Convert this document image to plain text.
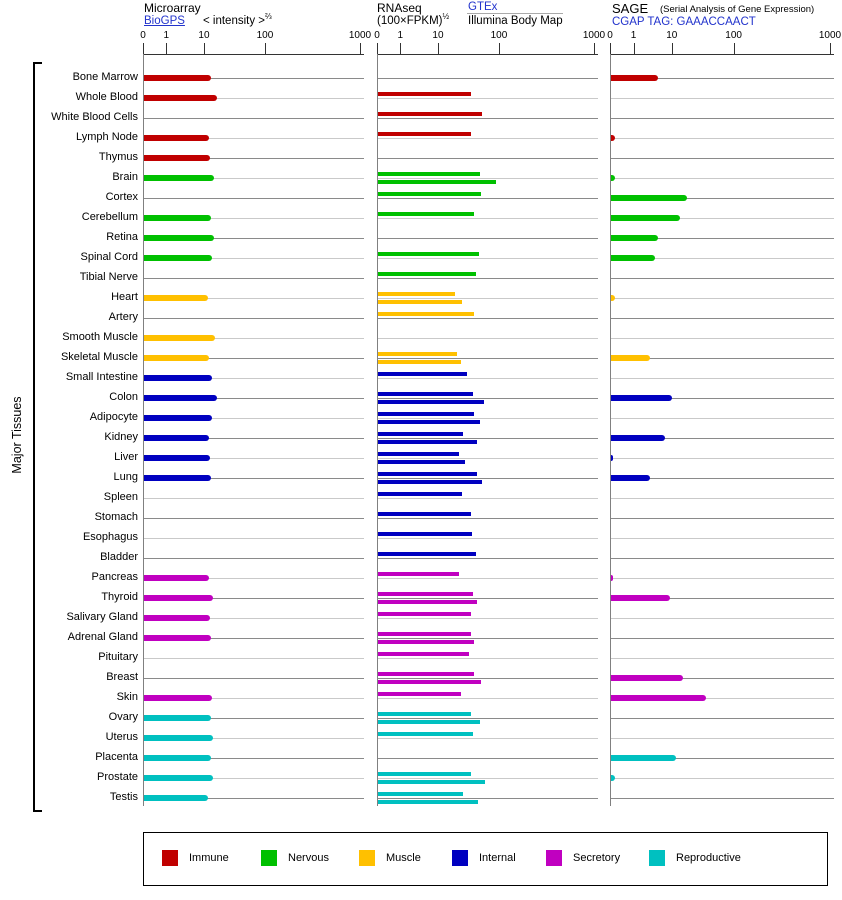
Microarray
BioGPS < intensity >$^{\frac{2}{3}}$
RNAseq
(100×FPKM)$^{\frac{1}{2}}$
GTEx
Illumina Body Map
SAGE (Serial Analysis of Gene Expression)
CGAP TAG: GAAACCAACT
Major Tissues
Bone Marrow
Whole Blood
White Blood Cells
Lymph Node
Thymus
Brain
Cortex
Cerebellum
Retina
Spinal Cord
Tibial Nerve
Heart
Artery
Smooth Muscle
Skeletal Muscle
Small Intestine
Colon
Adipocyte
Kidney
Liver
Lung
Spleen
Stomach
Esophagus
Bladder
Pancreas
Thyroid
Salivary Gland
Adrenal Gland
Pituitary
Breast
Skin
Ovary
Uterus
Placenta
Prostate
Testis
0	1	10	100	1000 0	1	10	100	1000 0	1	10	100	1000
Immune	Nervous	Muscle	Internal	Secretory	Reproductive
